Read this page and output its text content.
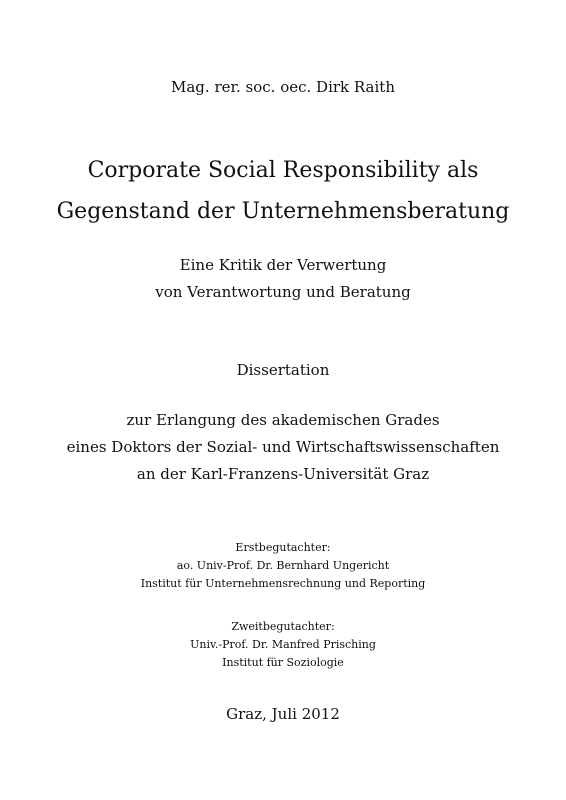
Mag. rer. soc. oec. Dirk Raith
Corporate Social Responsibility als
Gegenstand der Unternehmensberatung
Eine Kritik der Verwertung
von Verantwortung und Beratung
Dissertation
zur Erlangung des akademischen Grades
eines Doktors der Sozial- und Wirtschaftswissenschaften
an der Karl-Franzens-Universität Graz
Erstbegutachter:
ao. Univ-Prof. Dr. Bernhard Ungericht
Institut für Unternehmensrechnung und Reporting
Zweitbegutachter:
Univ.-Prof. Dr. Manfred Prisching
Institut für Soziologie
Graz, Juli 2012
